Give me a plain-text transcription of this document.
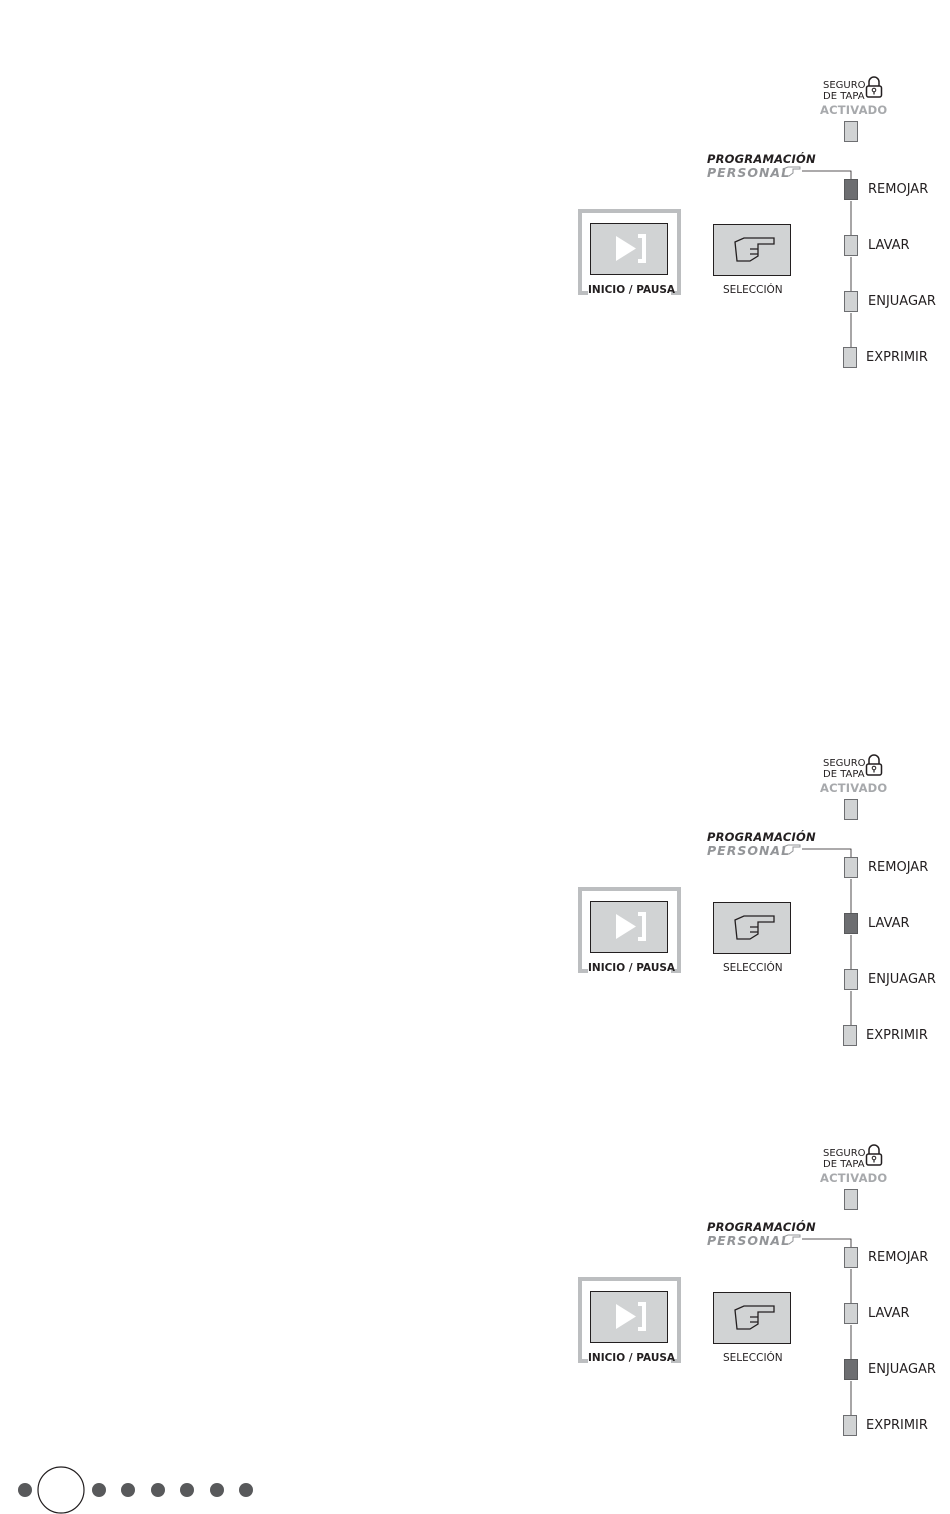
SEGURO
DE TAPA
ACTIVADO
PROGRAMACIÓN
PERSONAL
REMOJAR
LAVAR
ENJUAGAR
EXPRIMIR
INICIO / PAUSA	SELECCIÓN
SEGURO
DE TAPA
ACTIVADO
PROGRAMACIÓN
PERSONAL
REMOJAR
LAVAR
ENJUAGAR
EXPRIMIR
INICIO / PAUSA	SELECCIÓN
SEGURO
DE TAPA
ACTIVADO
PROGRAMACIÓN
PERSONAL
REMOJAR
LAVAR
ENJUAGAR
EXPRIMIR
INICIO / PAUSA	SELECCIÓN
